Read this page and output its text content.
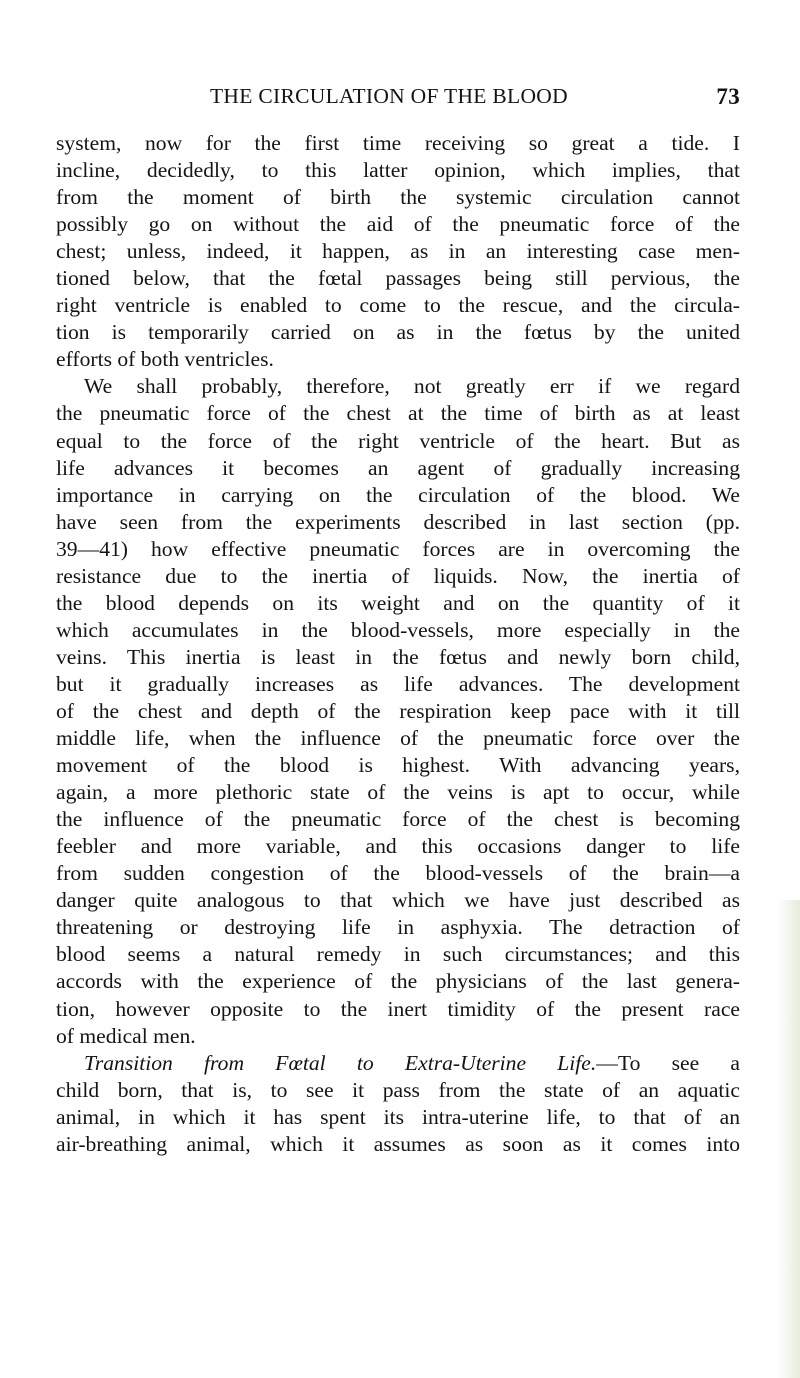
THE CIRCULATION OF THE BLOOD	73
system, now for the first time receiving so great a tide. I
incline, decidedly, to this latter opinion, which implies, that
from the moment of birth the systemic circulation cannot
possibly go on without the aid of the pneumatic force of the
chest; unless, indeed, it happen, as in an interesting case men-
tioned below, that the fœtal passages being still pervious, the
right ventricle is enabled to come to the rescue, and the circula-
tion is temporarily carried on as in the fœtus by the united
efforts of both ventricles.
We shall probably, therefore, not greatly err if we regard
the pneumatic force of the chest at the time of birth as at least
equal to the force of the right ventricle of the heart. But as
life advances it becomes an agent of gradually increasing
importance in carrying on the circulation of the blood. We
have seen from the experiments described in last section (pp.
39—41) how effective pneumatic forces are in overcoming the
resistance due to the inertia of liquids. Now, the inertia of
the blood depends on its weight and on the quantity of it
which accumulates in the blood-vessels, more especially in the
veins. This inertia is least in the fœtus and newly born child,
but it gradually increases as life advances. The development
of the chest and depth of the respiration keep pace with it till
middle life, when the influence of the pneumatic force over the
movement of the blood is highest. With advancing years,
again, a more plethoric state of the veins is apt to occur, while
the influence of the pneumatic force of the chest is becoming
feebler and more variable, and this occasions danger to life
from sudden congestion of the blood-vessels of the brain—a
danger quite analogous to that which we have just described as
threatening or destroying life in asphyxia. The detraction of
blood seems a natural remedy in such circumstances; and this
accords with the experience of the physicians of the last genera-
tion, however opposite to the inert timidity of the present race
of medical men.
Transition from Fœtal to Extra-Uterine Life.—To see a
child born, that is, to see it pass from the state of an aquatic
animal, in which it has spent its intra-uterine life, to that of an
air-breathing animal, which it assumes as soon as it comes into
